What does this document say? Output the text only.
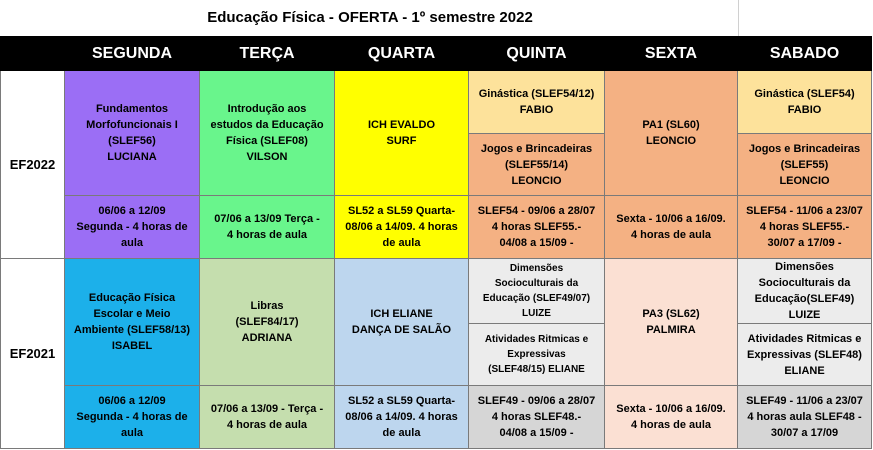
Educação Física - OFERTA - 1º semestre 2022
	SEGUNDA	TERÇA	QUARTA	QUINTA	SEXTA	SABADO
EF2022	Fundamentos
Morfofuncionais I
(SLEF56)
LUCIANA	Introdução aos
estudos da Educação
Física (SLEF08)
VILSON	ICH EVALDO
SURF	Ginástica (SLEF54/12)
FABIO	PA1 (SL60)
LEONCIO	Ginástica (SLEF54)
FABIO

				Jogos e Brincadeiras
(SLEF55/14)
LEONCIO		Jogos e Brincadeiras
(SLEF55)
LEONCIO

	06/06 a 12/09
Segunda - 4 horas de
aula	07/06 a 13/09 Terça -
4 horas de aula	SL52 a SL59 Quarta-
08/06 a 14/09. 4 horas
de aula	SLEF54 - 09/06 a 28/07
4 horas SLEF55.-
04/08 a 15/09 -	Sexta - 10/06 a 16/09.
4 horas de aula	SLEF54 - 11/06 a 23/07
4 horas SLEF55.-
30/07 a 17/09 -

EF2021	Educação Física
Escolar e Meio
Ambiente (SLEF58/13)
ISABEL	Libras
(SLEF84/17)
ADRIANA	ICH ELIANE
DANÇA DE SALÃO	Dimensões
Socioculturais da
Educação (SLEF49/07)
LUIZE	PA3 (SL62)
PALMIRA	Dimensões
Socioculturais da
Educação(SLEF49)
LUIZE

				Atividades Ritmicas e
Expressivas
(SLEF48/15) ELIANE		Atividades Ritmicas e
Expressivas (SLEF48)
ELIANE

	06/06 a 12/09
Segunda - 4 horas de
aula	07/06 a 13/09 - Terça -
4 horas de aula	SL52 a SL59 Quarta-
08/06 a 14/09. 4 horas
de aula	SLEF49 - 09/06 a 28/07
4 horas SLEF48.-
04/08 a 15/09 -	Sexta - 10/06 a 16/09.
4 horas de aula	SLEF49 - 11/06 a 23/07
4 horas aula SLEF48 -
30/07 a 17/09
